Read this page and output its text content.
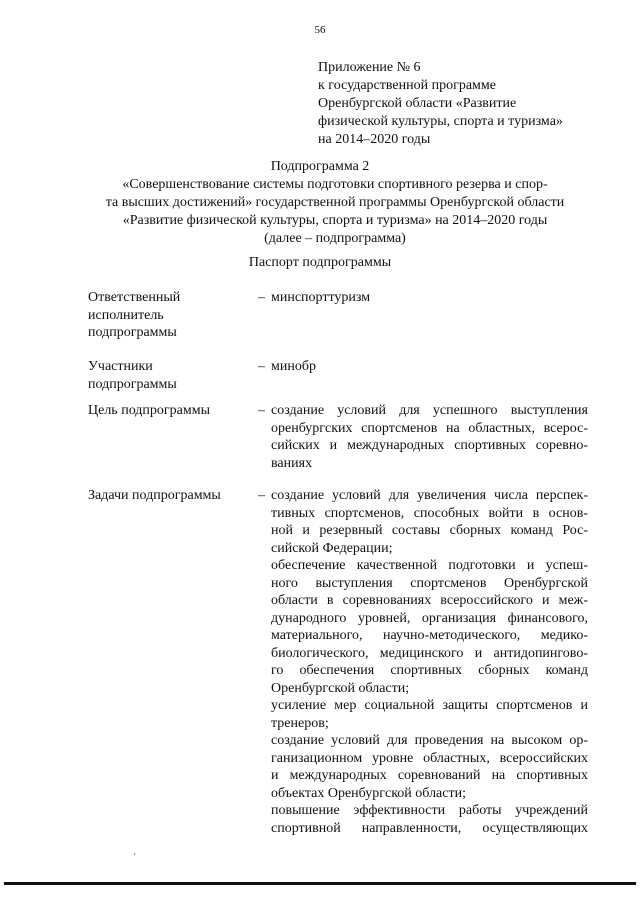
56
Приложение № 6
к государственной программе
Оренбургской области «Развитие
физической культуры, спорта и туризма»
на 2014–2020 годы
Подпрограмма 2
«Совершенствование системы подготовки спортивного резерва и спор-
та высших достижений» государственной программы Оренбургской области
«Развитие физической культуры, спорта и туризма» на 2014–2020 годы
(далее – подпрограмма)
Паспорт подпрограммы
Ответственный
исполнитель
подпрограммы
– минспорттуризм
Участники
подпрограммы
– минобр
Цель подпрограммы	– создание условий для успешного выступления
оренбургских спортсменов на областных, всерос-
сийских и международных спортивных соревно-
ваниях
Задачи подпрограммы	– создание условий для увеличения числа перспек-
тивных спортсменов, способных войти в основ-
ной и резервный составы сборных команд Рос-
сийской Федерации;
обеспечение качественной подготовки и успеш-
ного выступления спортсменов Оренбургской
области в соревнованиях всероссийского и меж-
дународного уровней, организация финансового,
материального, научно-методического, медико-
биологического, медицинского и антидопингово-
го обеспечения спортивных сборных команд
Оренбургской области;
усиление мер социальной защиты спортсменов и
тренеров;
создание условий для проведения на высоком ор-
ганизационном уровне областных, всероссийских
и международных соревнований на спортивных
объектах Оренбургской области;
повышение эффективности работы учреждений
спортивной направленности, осуществляющих
